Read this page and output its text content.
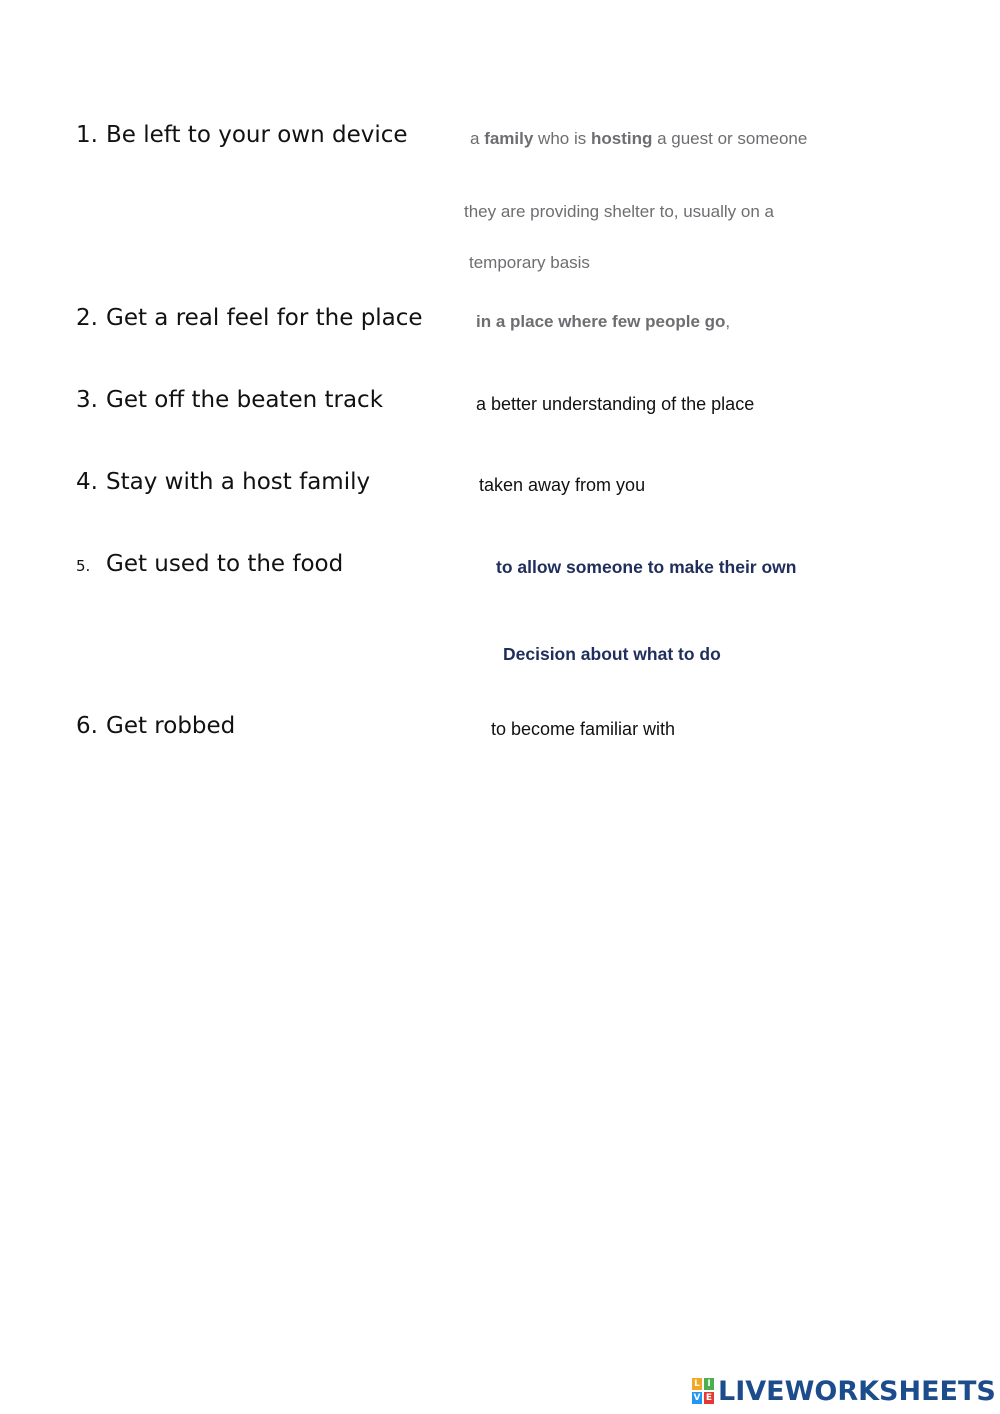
1. Be left to your own device
2. Get a real feel for the place
3. Get off the beaten track
4. Stay with a host family
5. Get used to the food
6. Get robbed
a family who is hosting a guest or someone
they are providing shelter to, usually on a
temporary basis
in a place where few people go,
a better understanding of the place
taken away from you
to allow someone to make their own
Decision about what to do
to become familiar with
L I
V E LIVEWORKSHEETS
